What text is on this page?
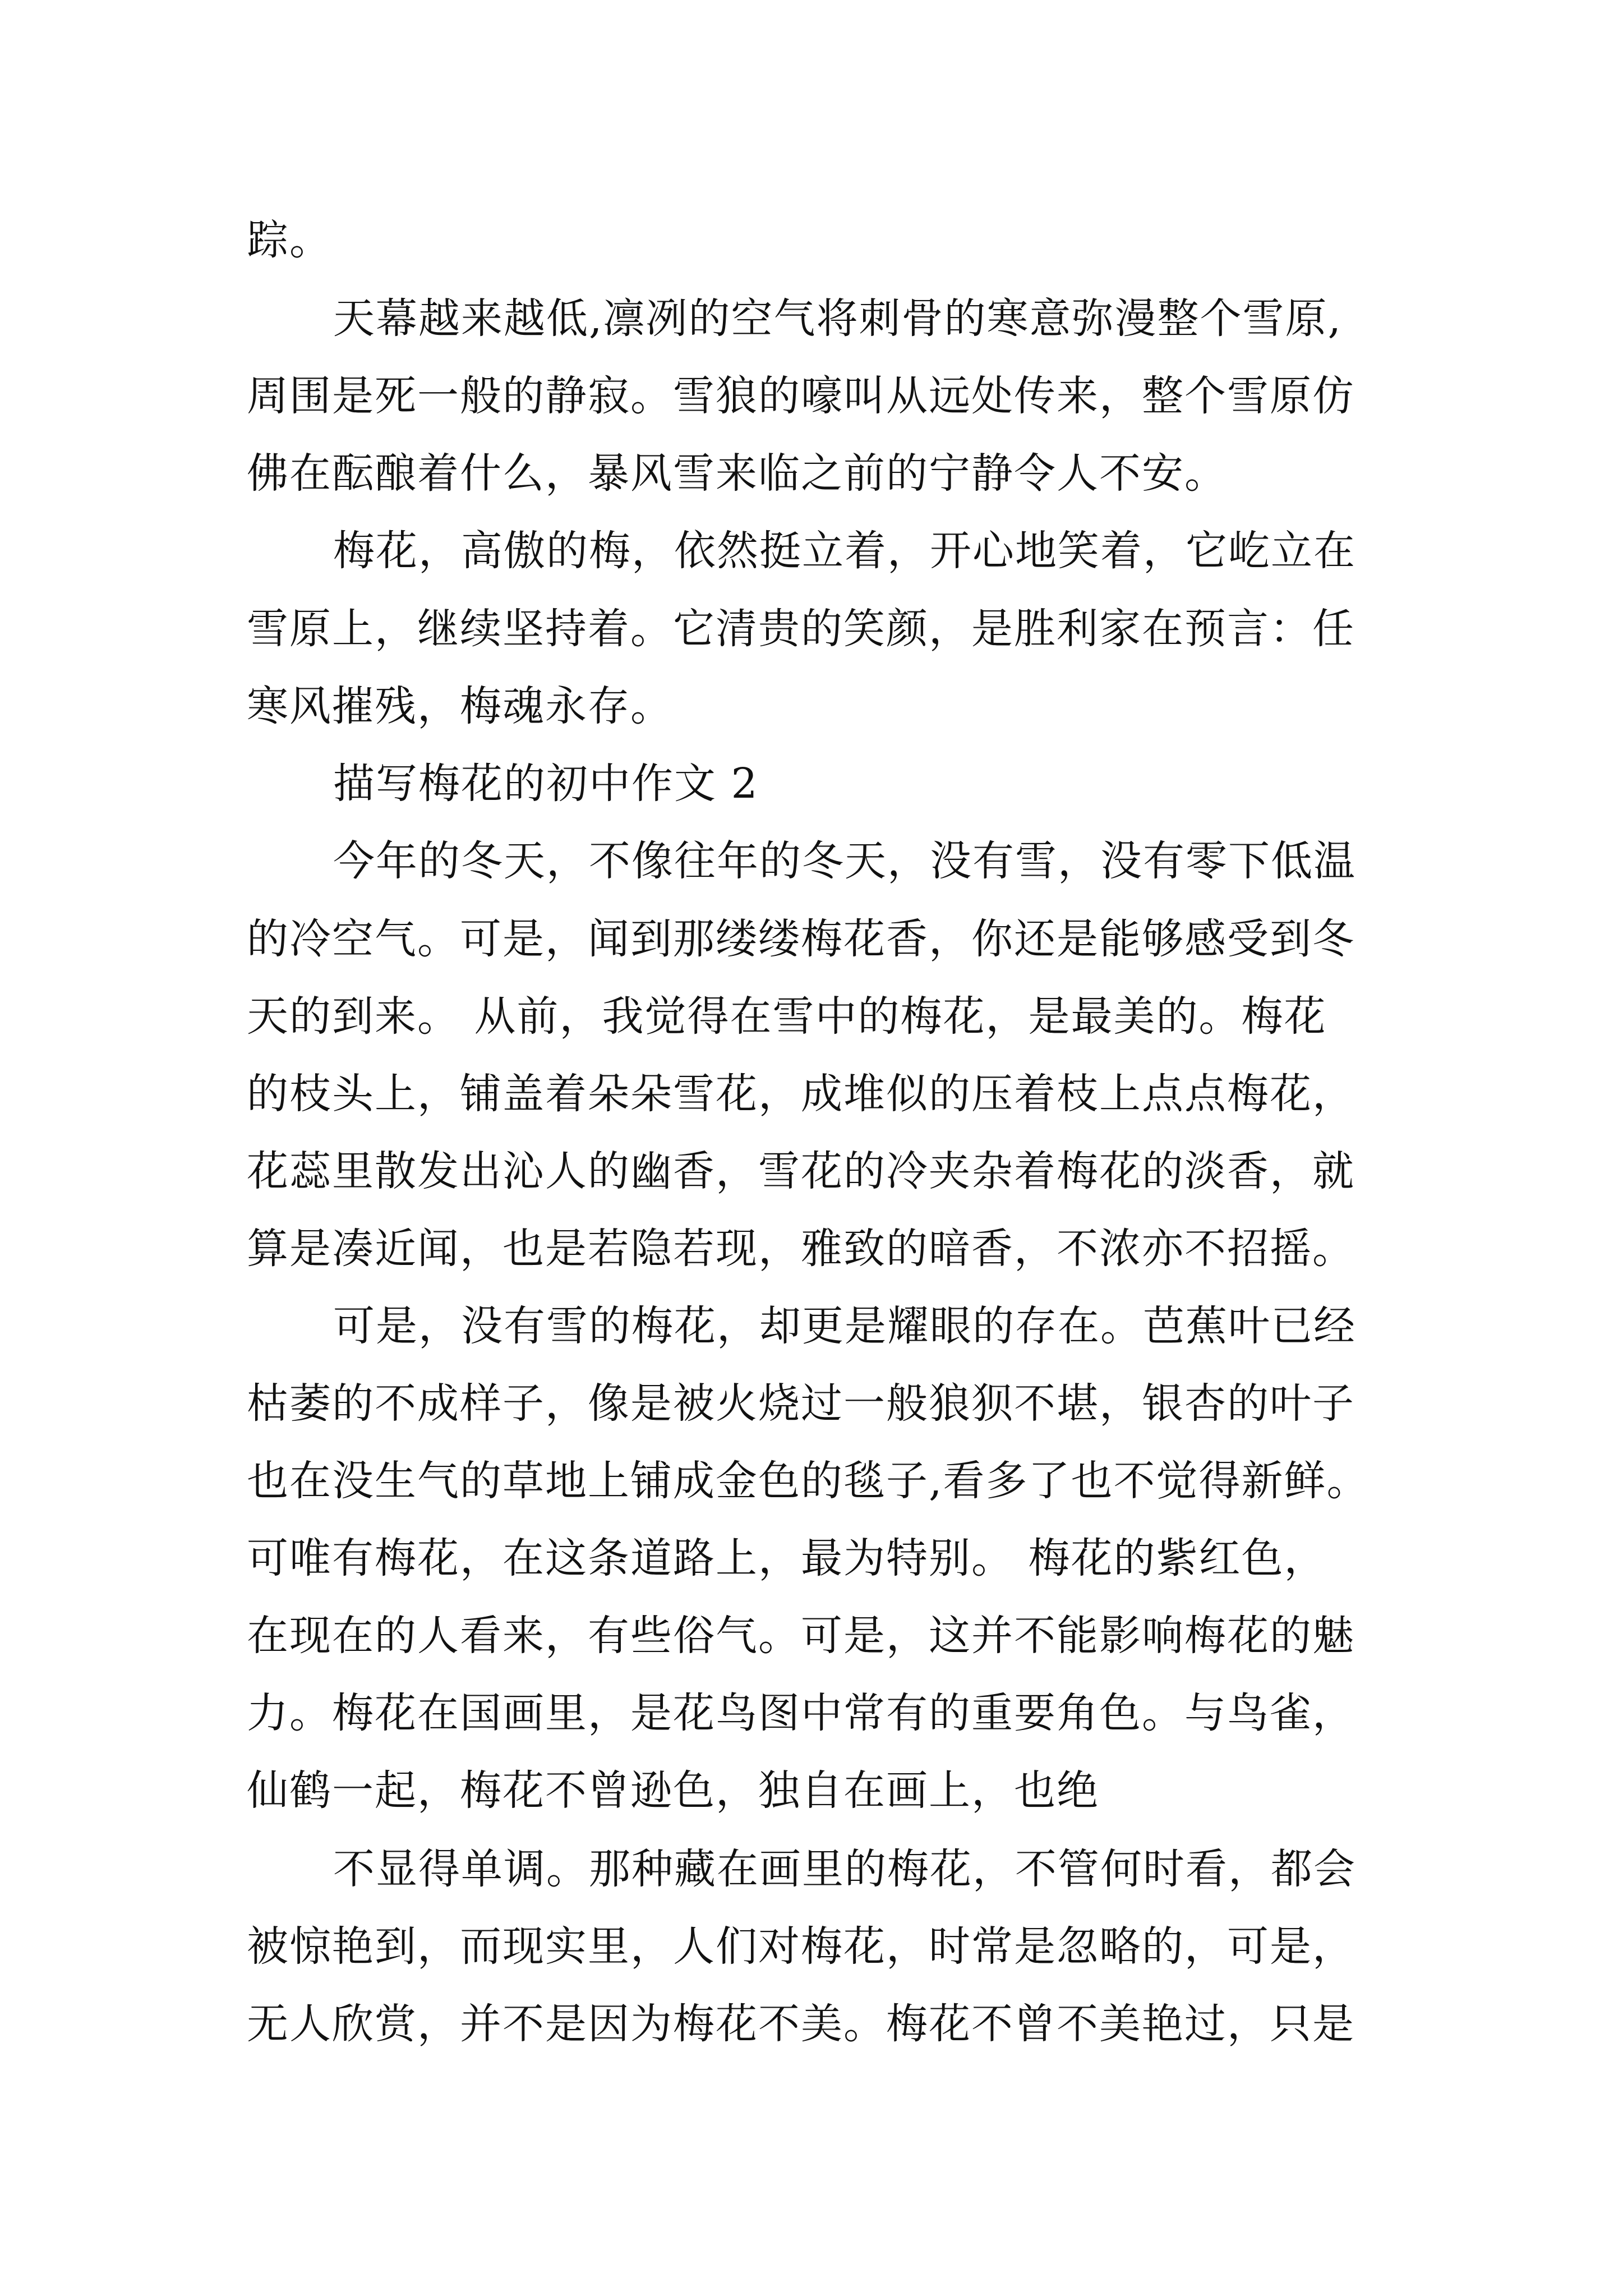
踪。
天幕越来越低,凛冽的空气将刺骨的寒意弥漫整个雪原,
周围是死一般的静寂。雪狼的嚎叫从远处传来，整个雪原仿
佛在酝酿着什么，暴风雪来临之前的宁静令人不安。
梅花，高傲的梅，依然挺立着，开心地笑着，它屹立在
雪原上，继续坚持着。它清贵的笑颜，是胜利家在预言：任
寒风摧残，梅魂永存。
描写梅花的初中作文 2
今年的冬天，不像往年的冬天，没有雪，没有零下低温
的冷空气。可是，闻到那缕缕梅花香，你还是能够感受到冬
天的到来。 从前，我觉得在雪中的梅花，是最美的。梅花
的枝头上，铺盖着朵朵雪花，成堆似的压着枝上点点梅花，
花蕊里散发出沁人的幽香，雪花的冷夹杂着梅花的淡香，就
算是凑近闻，也是若隐若现，雅致的暗香，不浓亦不招摇。
可是，没有雪的梅花，却更是耀眼的存在。芭蕉叶已经
枯萎的不成样子，像是被火烧过一般狼狈不堪，银杏的叶子
也在没生气的草地上铺成金色的毯子,看多了也不觉得新鲜。
可唯有梅花，在这条道路上，最为特别。 梅花的紫红色，
在现在的人看来，有些俗气。可是，这并不能影响梅花的魅
力。梅花在国画里，是花鸟图中常有的重要角色。与鸟雀，
仙鹤一起，梅花不曾逊色，独自在画上，也绝
不显得单调。那种藏在画里的梅花，不管何时看，都会
被惊艳到，而现实里，人们对梅花，时常是忽略的，可是，
无人欣赏，并不是因为梅花不美。梅花不曾不美艳过，只是
